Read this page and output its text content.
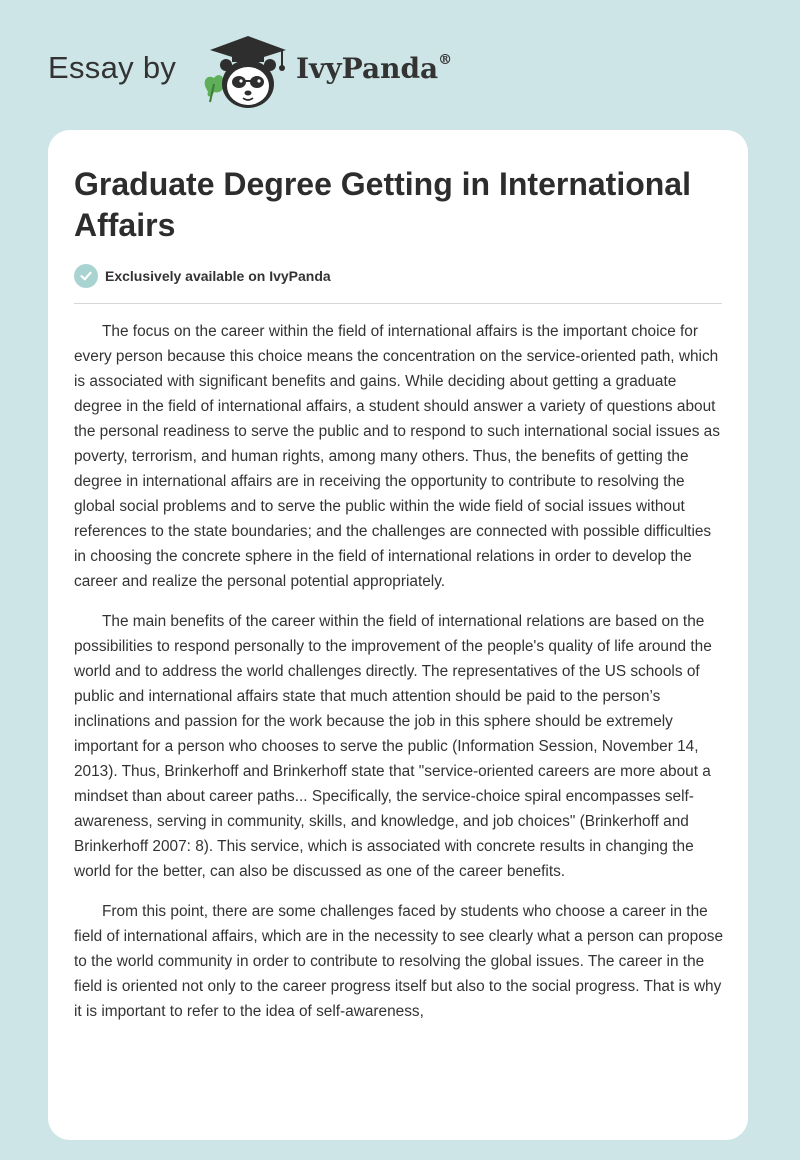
Essay by	IvyPanda®
Graduate Degree Getting in International Affairs
Exclusively available on IvyPanda

The focus on the career within the field of international affairs is the important choice for every person because this choice means the concentration on the service-oriented path, which is associated with significant benefits and gains. While deciding about getting a graduate degree in the field of international affairs, a student should answer a variety of questions about the personal readiness to serve the public and to respond to such international social issues as poverty, terrorism, and human rights, among many others. Thus, the benefits of getting the degree in international affairs are in receiving the opportunity to contribute to resolving the global social problems and to serve the public within the wide field of social issues without references to the state boundaries; and the challenges are connected with possible difficulties in choosing the concrete sphere in the field of international relations in order to develop the career and realize the personal potential appropriately.

The main benefits of the career within the field of international relations are based on the possibilities to respond personally to the improvement of the people's quality of life around the world and to address the world challenges directly. The representatives of the US schools of public and international affairs state that much attention should be paid to the person’s inclinations and passion for the work because the job in this sphere should be extremely important for a person who chooses to serve the public (Information Session, November 14, 2013). Thus, Brinkerhoff and Brinkerhoff state that "service-oriented careers are more about a mindset than about career paths... Specifically, the service-choice spiral encompasses self-awareness, serving in community, skills, and knowledge, and job choices" (Brinkerhoff and Brinkerhoff 2007: 8). This service, which is associated with concrete results in changing the world for the better, can also be discussed as one of the career benefits.

From this point, there are some challenges faced by students who choose a career in the field of international affairs, which are in the necessity to see clearly what a person can propose to the world community in order to contribute to resolving the global issues. The career in the field is oriented not only to the career progress itself but also to the social progress. That is why it is important to refer to the idea of self-awareness,
